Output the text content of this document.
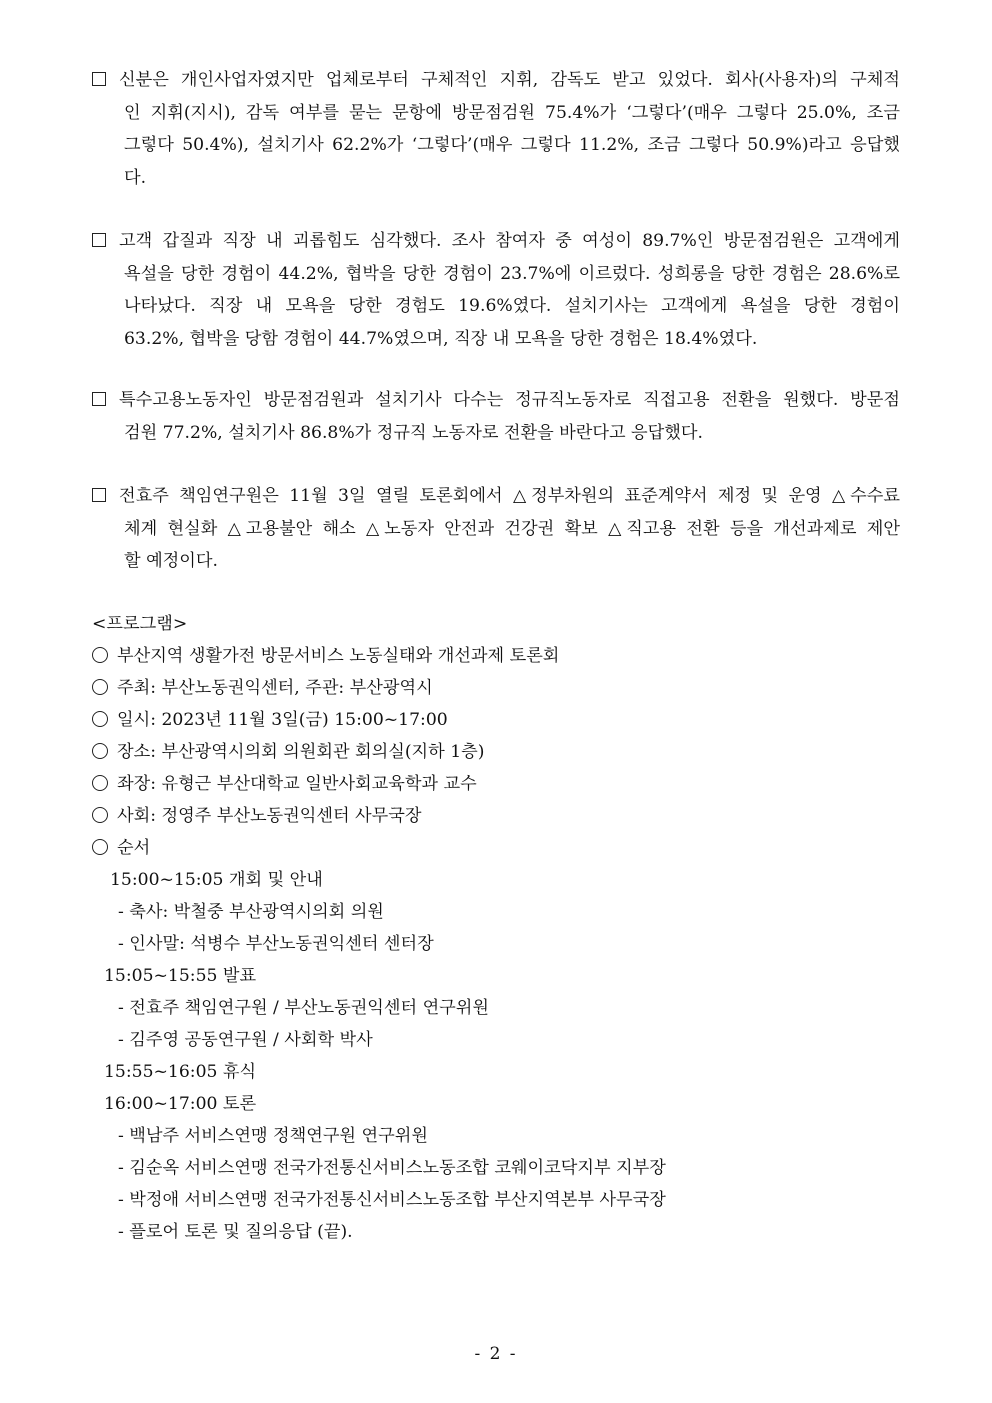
신분은 개인사업자였지만 업체로부터 구체적인 지휘, 감독도 받고 있었다. 회사(사용자)의 구체적
인 지휘(지시), 감독 여부를 묻는 문항에 방문점검원 75.4%가 ‘그렇다’(매우 그렇다 25.0%, 조금
그렇다 50.4%), 설치기사 62.2%가 ‘그렇다’(매우 그렇다 11.2%, 조금 그렇다 50.9%)라고 응답했
다.
고객 갑질과 직장 내 괴롭힘도 심각했다. 조사 참여자 중 여성이 89.7%인 방문점검원은 고객에게
욕설을 당한 경험이 44.2%, 협박을 당한 경험이 23.7%에 이르렀다. 성희롱을 당한 경험은 28.6%로
나타났다. 직장 내 모욕을 당한 경험도 19.6%였다. 설치기사는 고객에게 욕설을 당한 경험이
63.2%, 협박을 당함 경험이 44.7%였으며, 직장 내 모욕을 당한 경험은 18.4%였다.
특수고용노동자인 방문점검원과 설치기사 다수는 정규직노동자로 직접고용 전환을 원했다. 방문점
검원 77.2%, 설치기사 86.8%가 정규직 노동자로 전환을 바란다고 응답했다.
전효주 책임연구원은 11월 3일 열릴 토론회에서 △정부차원의 표준계약서 제정 및 운영 △수수료
체계 현실화 △고용불안 해소 △노동자 안전과 건강권 확보 △직고용 전환 등을 개선과제로 제안
할 예정이다.
<프로그램>
부산지역 생활가전 방문서비스 노동실태와 개선과제 토론회
주최: 부산노동권익센터, 주관: 부산광역시
일시: 2023년 11월 3일(금) 15:00~17:00
장소: 부산광역시의회 의원회관 회의실(지하 1층)
좌장: 유형근 부산대학교 일반사회교육학과 교수
사회: 정영주 부산노동권익센터 사무국장
순서
15:00~15:05 개회 및 안내
- 축사: 박철중 부산광역시의회 의원
- 인사말: 석병수 부산노동권익센터 센터장
15:05~15:55 발표
- 전효주 책임연구원 / 부산노동권익센터 연구위원
- 김주영 공동연구원 / 사회학 박사
15:55~16:05 휴식
16:00~17:00 토론
- 백남주 서비스연맹 정책연구원 연구위원
- 김순옥 서비스연맹 전국가전통신서비스노동조합 코웨이코닥지부 지부장
- 박정애 서비스연맹 전국가전통신서비스노동조합 부산지역본부 사무국장
- 플로어 토론 및 질의응답 (끝).
- 2 -
